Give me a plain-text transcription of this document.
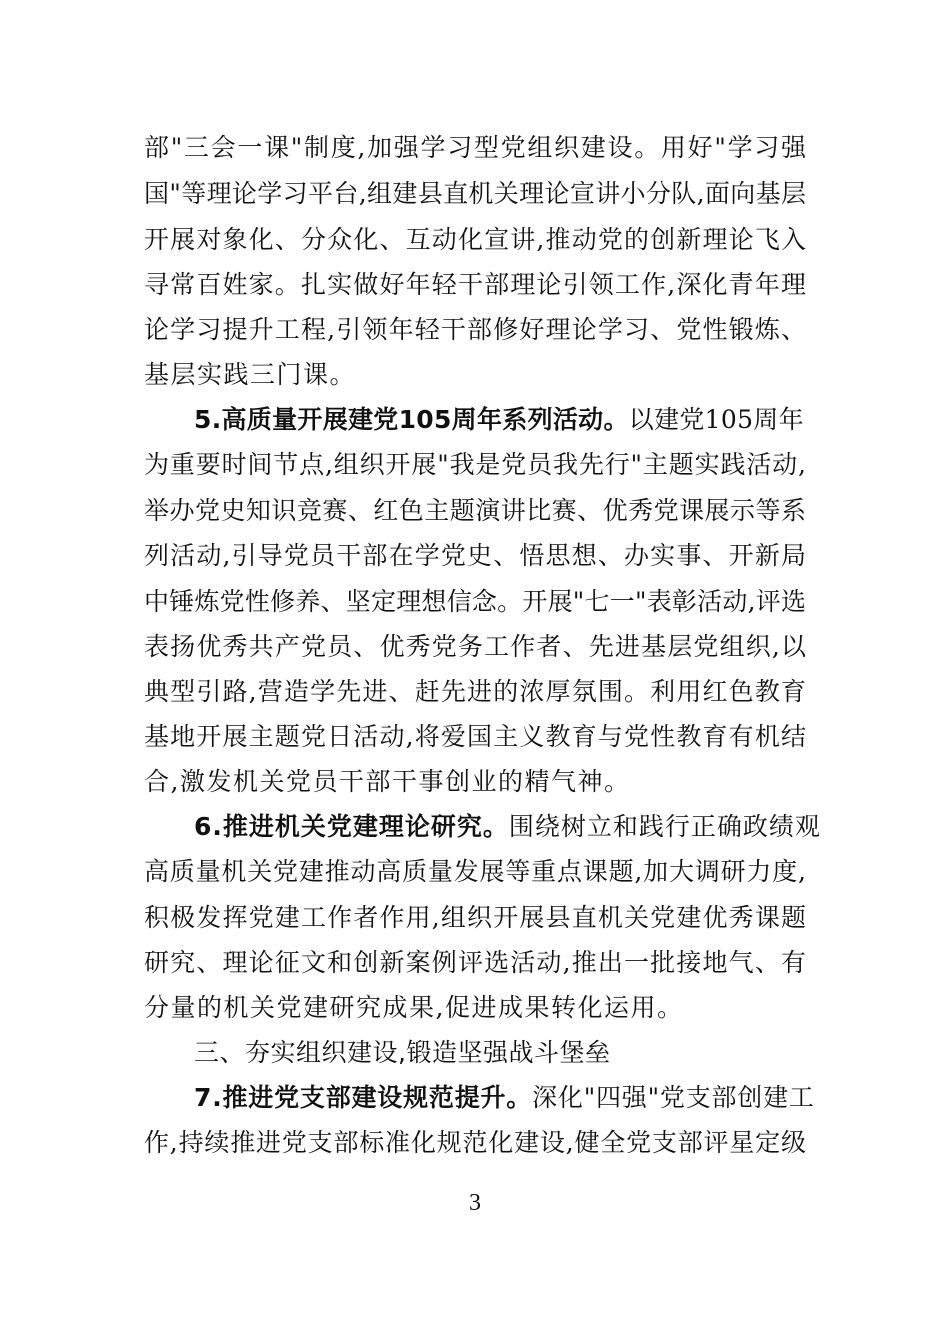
部"三会一课"制度,加强学习型党组织建设。用好"学习强
国"等理论学习平台,组建县直机关理论宣讲小分队,面向基层
开展对象化、分众化、互动化宣讲,推动党的创新理论飞入
寻常百姓家。扎实做好年轻干部理论引领工作,深化青年理
论学习提升工程,引领年轻干部修好理论学习、党性锻炼、
基层实践三门课。
5.高质量开展建党105周年系列活动。以建党105周年
为重要时间节点,组织开展"我是党员我先行"主题实践活动,
举办党史知识竞赛、红色主题演讲比赛、优秀党课展示等系
列活动,引导党员干部在学党史、悟思想、办实事、开新局
中锤炼党性修养、坚定理想信念。开展"七一"表彰活动,评选
表扬优秀共产党员、优秀党务工作者、先进基层党组织,以
典型引路,营造学先进、赶先进的浓厚氛围。利用红色教育
基地开展主题党日活动,将爱国主义教育与党性教育有机结
合,激发机关党员干部干事创业的精气神。
6.推进机关党建理论研究。围绕树立和践行正确政绩观
高质量机关党建推动高质量发展等重点课题,加大调研力度,
积极发挥党建工作者作用,组织开展县直机关党建优秀课题
研究、理论征文和创新案例评选活动,推出一批接地气、有
分量的机关党建研究成果,促进成果转化运用。
三、夯实组织建设,锻造坚强战斗堡垒
7.推进党支部建设规范提升。深化"四强"党支部创建工
作,持续推进党支部标准化规范化建设,健全党支部评星定级
3
